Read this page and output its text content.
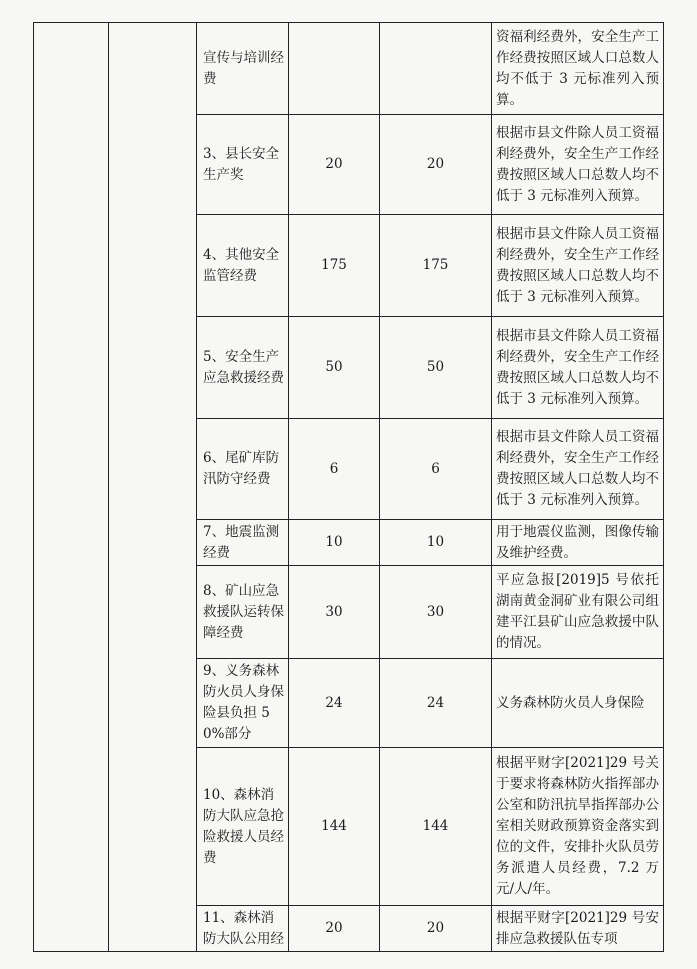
		宣传与培训经费			资福利经费外，安全生产工作经费按照区域人口总数人均不低于 3 元标准列入预算。
		3、县长安全生产奖	20	20	根据市县文件除人员工资福利经费外，安全生产工作经费按照区域人口总数人均不低于 3 元标准列入预算。
		4、其他安全监管经费	175	175	根据市县文件除人员工资福利经费外，安全生产工作经费按照区域人口总数人均不低于 3 元标准列入预算。
		5、安全生产应急救援经费	50	50	根据市县文件除人员工资福利经费外，安全生产工作经费按照区域人口总数人均不低于 3 元标准列入预算。
		6、尾矿库防汛防守经费	6	6	根据市县文件除人员工资福利经费外，安全生产工作经费按照区域人口总数人均不低于 3 元标准列入预算。
		7、地震监测经费	10	10	用于地震仪监测，图像传输及维护经费。
		8、矿山应急救援队运转保障经费	30	30	平应急报[2019]5 号依托湖南黄金洞矿业有限公司组建平江县矿山应急救援中队的情况。
		9、义务森林防火员人身保险县负担 50%部分	24	24	义务森林防火员人身保险
		10、森林消防大队应急抢险救援人员经费	144	144	根据平财字[2021]29 号关于要求将森林防火指挥部办公室和防汛抗旱指挥部办公室相关财政预算资金落实到位的文件，安排扑火队员劳务派遣人员经费，7.2 万元/人/年。
		11、森林消防大队公用经	20	20	根据平财字[2021]29 号安排应急救援队伍专项
